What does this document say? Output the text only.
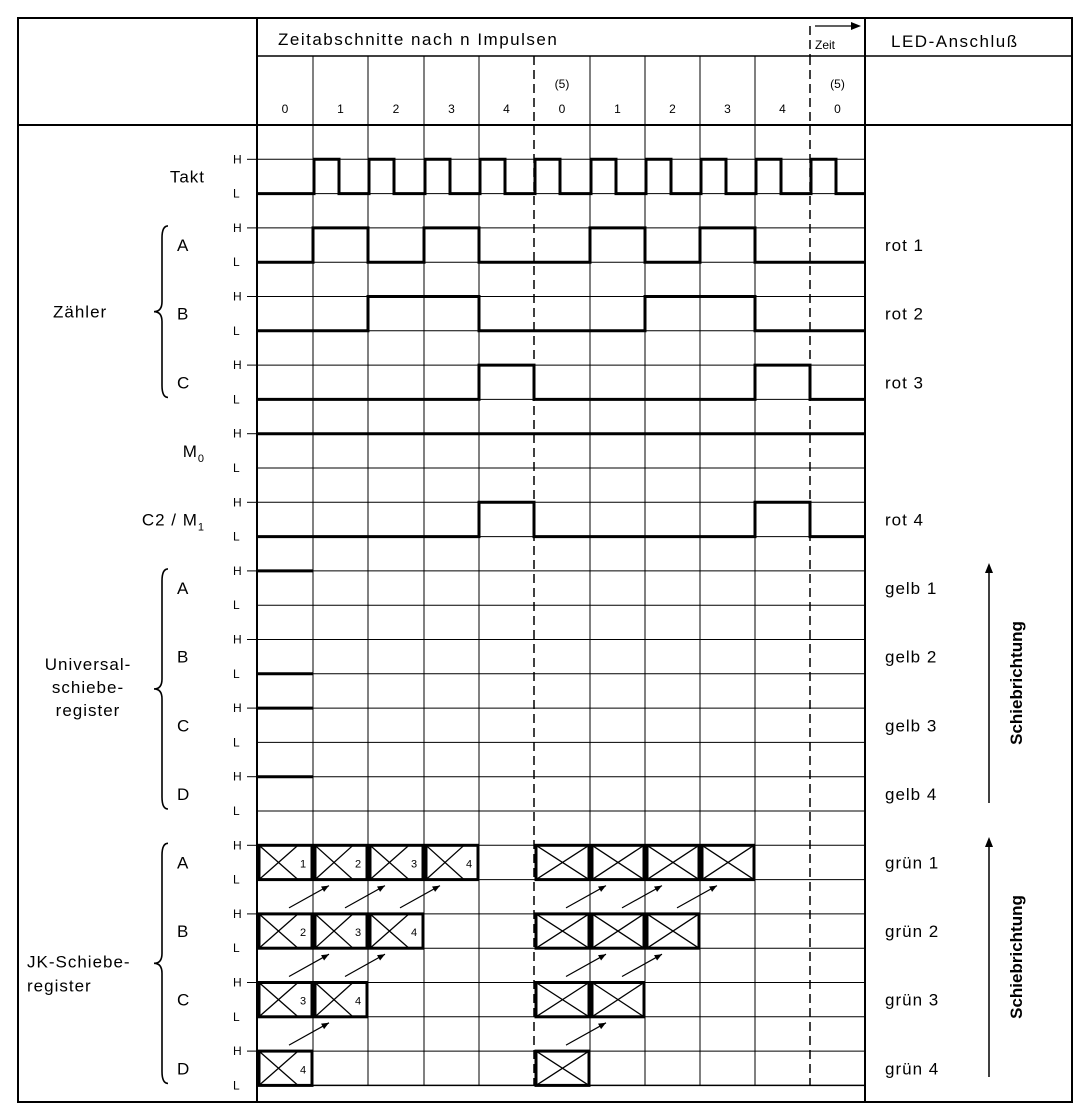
1	2	3	4
2	3	4
3	4
4
0	1	2	3	4	0
(5)
1	2	3	4	0
(5)
H
L
H
L
H
L
H
L
H
L
H
L
H
L
H
L
H
L
H
L
H
L
H
L
H
L
H
L
Takt
A	rot 1
B	rot 2
C	rot 3
$M_0$
$C2 / M_1$	rot 4
A	gelb 1
B	gelb 2
C	gelb 3
D	gelb 4
A	grün 1
B	grün 2
C	grün 3
D	grün 4
Zähler
Universal-
schiebe-
register
JK-Schiebe-
register
Schiebrichtung
Schiebrichtung
Zeitabschnitte nach n Impulsen	Zeit	LED-Anschluß
